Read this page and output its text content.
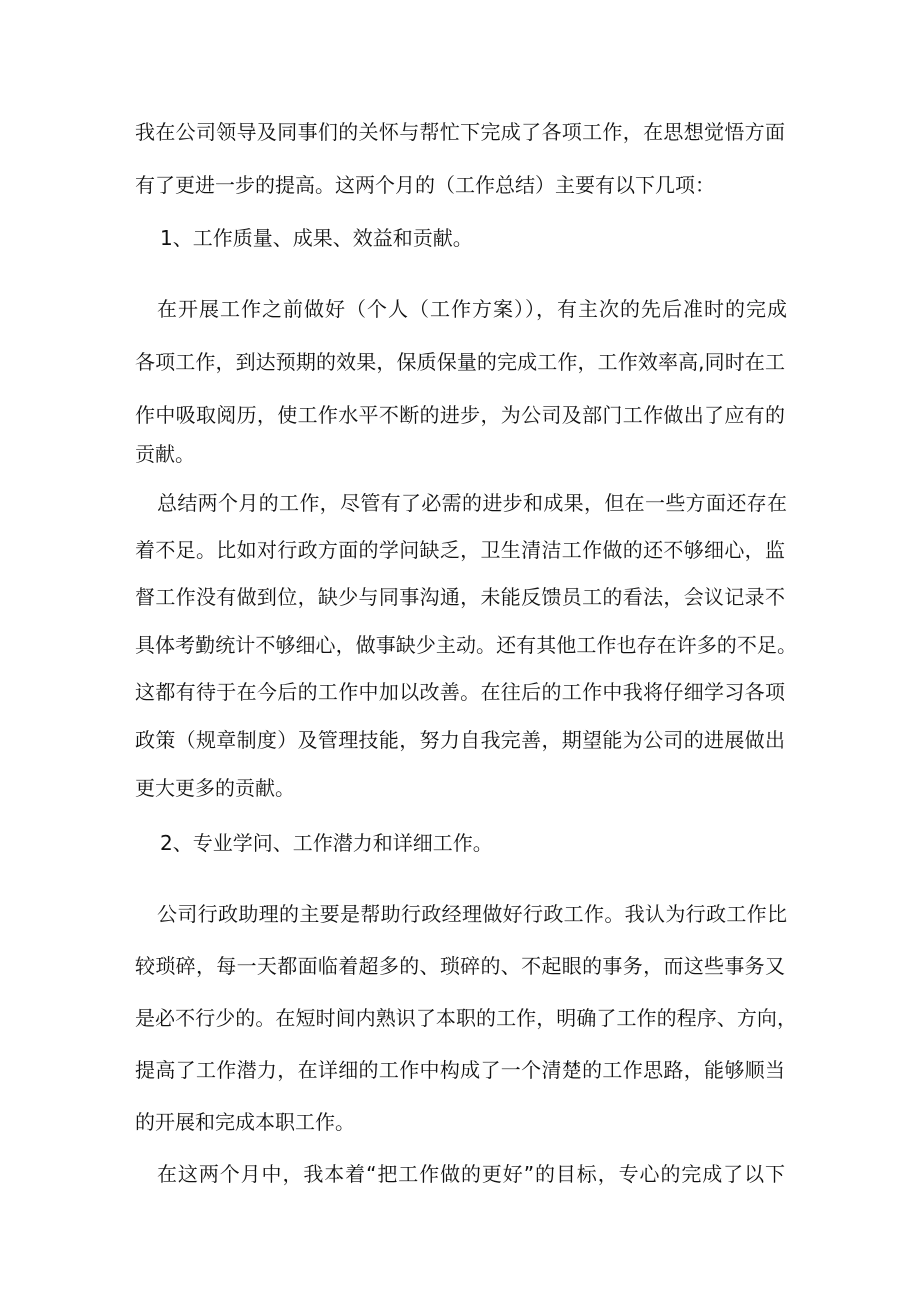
我在公司领导及同事们的关怀与帮忙下完成了各项工作，在思想觉悟方面

有了更进一步的提高。这两个月的（工作总结）主要有以下几项：

1、工作质量、成果、效益和贡献。

在开展工作之前做好（个人（工作方案）），有主次的先后准时的完成

各项工作，到达预期的效果，保质保量的完成工作，工作效率高,同时在工

作中吸取阅历，使工作水平不断的进步，为公司及部门工作做出了应有的

贡献。

总结两个月的工作，尽管有了必需的进步和成果，但在一些方面还存在

着不足。比如对行政方面的学问缺乏，卫生清洁工作做的还不够细心，监

督工作没有做到位，缺少与同事沟通，未能反馈员工的看法，会议记录不

具体考勤统计不够细心，做事缺少主动。还有其他工作也存在许多的不足。

这都有待于在今后的工作中加以改善。在往后的工作中我将仔细学习各项

政策（规章制度）及管理技能，努力自我完善，期望能为公司的进展做出

更大更多的贡献。

2、专业学问、工作潜力和详细工作。

公司行政助理的主要是帮助行政经理做好行政工作。我认为行政工作比

较琐碎，每一天都面临着超多的、琐碎的、不起眼的事务，而这些事务又

是必不行少的。在短时间内熟识了本职的工作，明确了工作的程序、方向，

提高了工作潜力，在详细的工作中构成了一个清楚的工作思路，能够顺当

的开展和完成本职工作。

在这两个月中，我本着“把工作做的更好”的目标，专心的完成了以下
